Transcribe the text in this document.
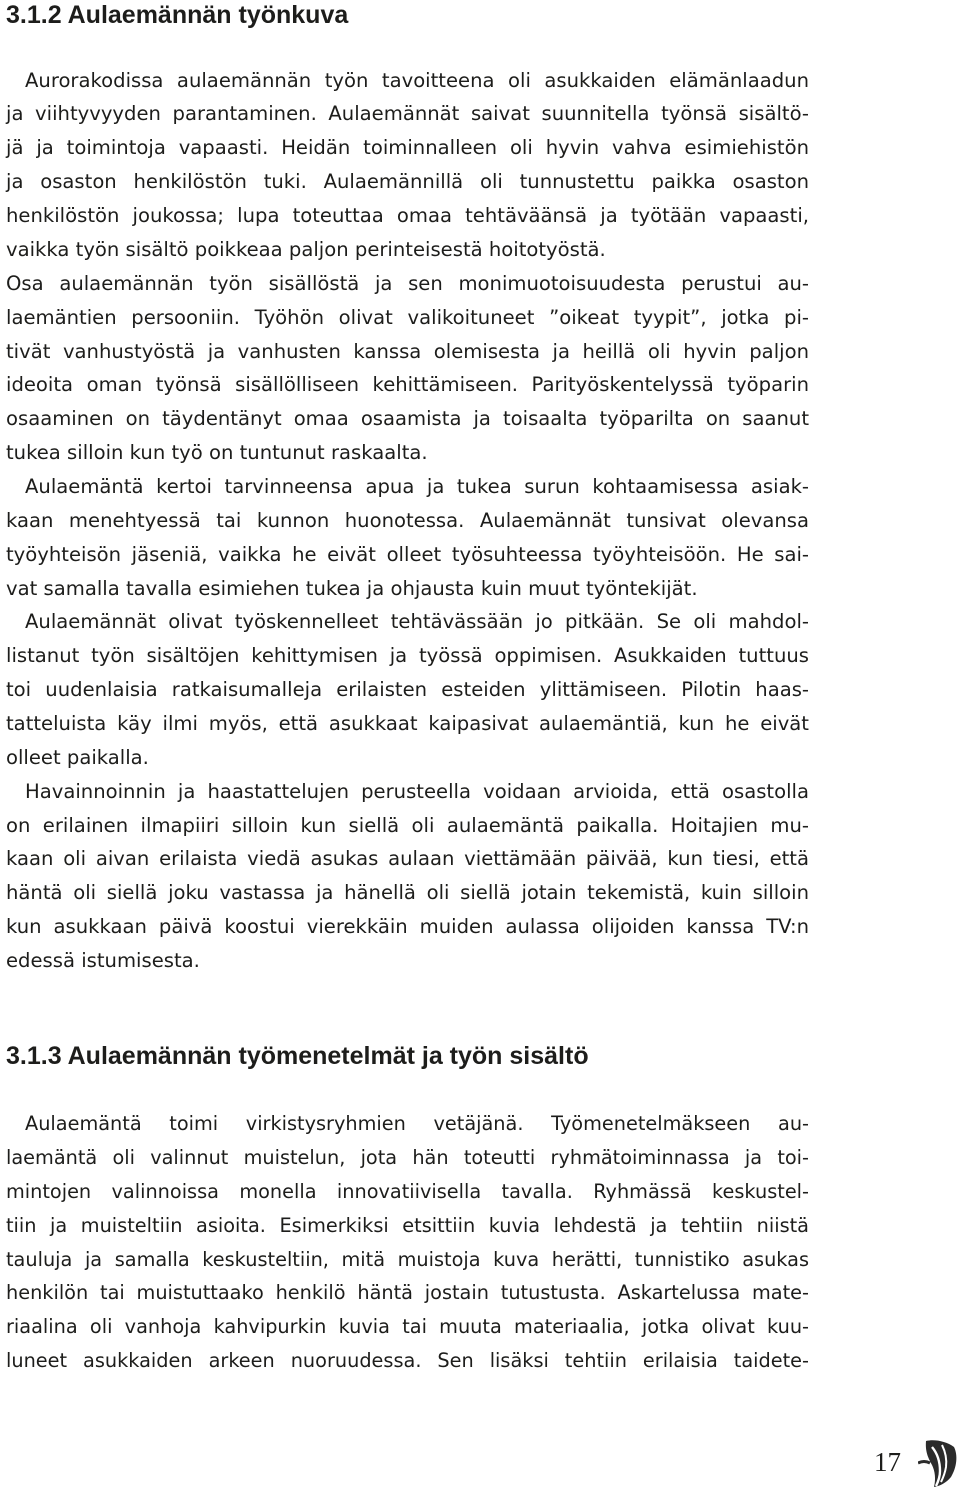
3.1.2 Aulaemännän työnkuva
Aurorakodissa aulaemännän työn tavoitteena oli asukkaiden elämänlaadun
ja viihtyvyyden parantaminen. Aulaemännät saivat suunnitella työnsä sisältö-
jä ja toimintoja vapaasti. Heidän toiminnalleen oli hyvin vahva esimiehistön
ja osaston henkilöstön tuki. Aulaemännillä oli tunnustettu paikka osaston
henkilöstön joukossa; lupa toteuttaa omaa tehtäväänsä ja työtään vapaasti,
vaikka työn sisältö poikkeaa paljon perinteisestä hoitotyöstä.
Osa aulaemännän työn sisällöstä ja sen monimuotoisuudesta perustui au-
laemäntien persooniin. Työhön olivat valikoituneet ”oikeat tyypit”, jotka pi-
tivät vanhustyöstä ja vanhusten kanssa olemisesta ja heillä oli hyvin paljon
ideoita oman työnsä sisällölliseen kehittämiseen. Parityöskentelyssä työparin
osaaminen on täydentänyt omaa osaamista ja toisaalta työparilta on saanut
tukea silloin kun työ on tuntunut raskaalta.
Aulaemäntä kertoi tarvinneensa apua ja tukea surun kohtaamisessa asiak-
kaan menehtyessä tai kunnon huonotessa. Aulaemännät tunsivat olevansa
työyhteisön jäseniä, vaikka he eivät olleet työsuhteessa työyhteisöön. He sai-
vat samalla tavalla esimiehen tukea ja ohjausta kuin muut työntekijät.
Aulaemännät olivat työskennelleet tehtävässään jo pitkään. Se oli mahdol-
listanut työn sisältöjen kehittymisen ja työssä oppimisen. Asukkaiden tuttuus
toi uudenlaisia ratkaisumalleja erilaisten esteiden ylittämiseen. Pilotin haas-
tatteluista käy ilmi myös, että asukkaat kaipasivat aulaemäntiä, kun he eivät
olleet paikalla.
Havainnoinnin ja haastattelujen perusteella voidaan arvioida, että osastolla
on erilainen ilmapiiri silloin kun siellä oli aulaemäntä paikalla. Hoitajien mu-
kaan oli aivan erilaista viedä asukas aulaan viettämään päivää, kun tiesi, että
häntä oli siellä joku vastassa ja hänellä oli siellä jotain tekemistä, kuin silloin
kun asukkaan päivä koostui vierekkäin muiden aulassa olijoiden kanssa TV:n
edessä istumisesta.
3.1.3 Aulaemännän työmenetelmät ja työn sisältö
Aulaemäntä toimi virkistysryhmien vetäjänä. Työmenetelmäkseen au-
laemäntä oli valinnut muistelun, jota hän toteutti ryhmätoiminnassa ja toi-
mintojen valinnoissa monella innovatiivisella tavalla. Ryhmässä keskustel-
tiin ja muisteltiin asioita. Esimerkiksi etsittiin kuvia lehdestä ja tehtiin niistä
tauluja ja samalla keskusteltiin, mitä muistoja kuva herätti, tunnistiko asukas
henkilön tai muistuttaako henkilö häntä jostain tutustusta. Askartelussa mate-
riaalina oli vanhoja kahvipurkin kuvia tai muuta materiaalia, jotka olivat kuu-
luneet asukkaiden arkeen nuoruudessa. Sen lisäksi tehtiin erilaisia taidete-
17
